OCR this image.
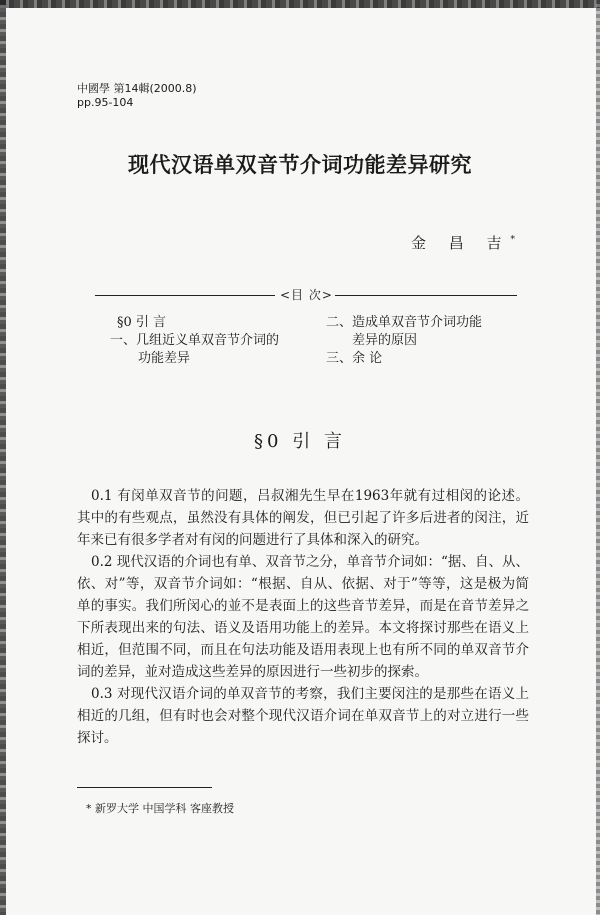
中國學 第14輯(2000.8)
pp.95-104
现代汉语单双音节介词功能差异研究
金 昌 吉*
<目 次>
§0 引 言
一、几组近义单双音节介词的
功能差异
二、造成单双音节介词功能
差异的原因
三、余 论
§0 引 言

0.1 有闵单双音节的问题，吕叔湘先生早在1963年就有过相闵的论述。其中的有些观点，虽然没有具体的阐发，但已引起了许多后进者的闵注，近年来已有很多学者对有闵的问题进行了具体和深入的研究。

0.2 现代汉语的介词也有单、双音节之分，单音节介词如：“据、自、从、依、对”等，双音节介词如：“根据、自从、依据、对于”等等，这是极为简单的事实。我们所闵心的並不是表面上的这些音节差异，而是在音节差异之下所表现出来的句法、语义及语用功能上的差异。本文将探讨那些在语义上相近，但范围不同，而且在句法功能及语用表现上也有所不同的单双音节介词的差异，並对造成这些差异的原因进行一些初步的探索。

0.3 对现代汉语介词的单双音节的考察，我们主要闵注的是那些在语义上相近的几组，但有时也会对整个现代汉语介词在单双音节上的对立进行一些探讨。

* 新罗大学 中国学科 客座教授
